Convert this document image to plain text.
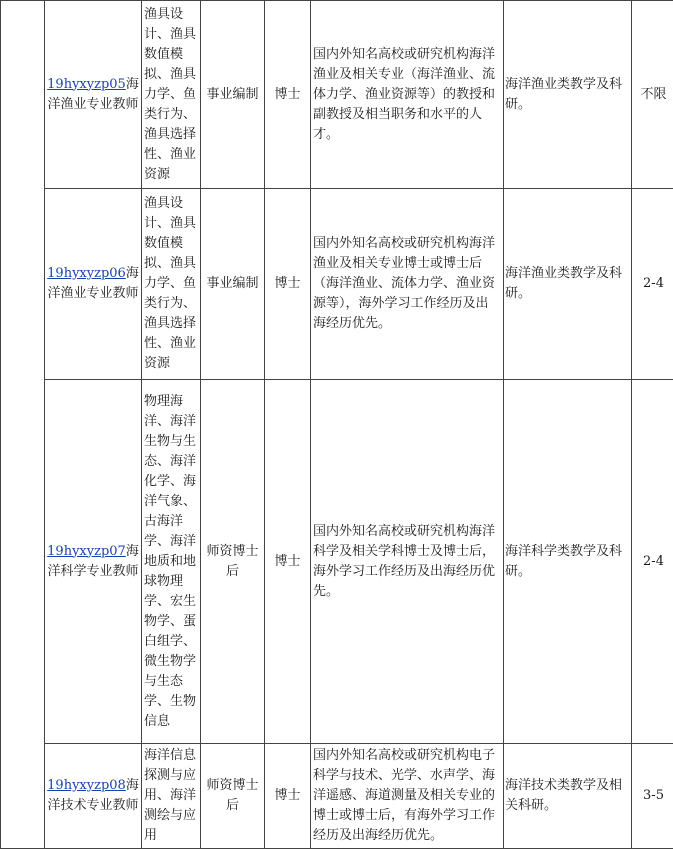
	19hyxyzp05海洋渔业专业教师	渔具设计、渔具数值模拟、渔具力学、鱼类行为、渔具选择性、渔业资源	事业编制	博士	国内外知名高校或研究机构海洋渔业及相关专业（海洋渔业、流体力学、渔业资源等）的教授和副教授及相当职务和水平的人才。	海洋渔业类教学及科研。	不限
	19hyxyzp06海洋渔业专业教师	渔具设计、渔具数值模拟、渔具力学、鱼类行为、渔具选择性、渔业资源	事业编制	博士	国内外知名高校或研究机构海洋渔业及相关专业博士或博士后（海洋渔业、流体力学、渔业资源等），海外学习工作经历及出海经历优先。	海洋渔业类教学及科研。	2-4
	19hyxyzp07海洋科学专业教师	物理海洋、海洋生物与生态、海洋化学、海洋气象、古海洋学、海洋地质和地球物理学、宏生物学、蛋白组学、微生物学与生态学、生物信息	师资博士后	博士	国内外知名高校或研究机构海洋科学及相关学科博士及博士后，海外学习工作经历及出海经历优先。	海洋科学类教学及科研。	2-4
	19hyxyzp08海洋技术专业教师	海洋信息探测与应用、海洋测绘与应用	师资博士后	博士	国内外知名高校或研究机构电子科学与技术、光学、水声学、海洋遥感、海道测量及相关专业的博士或博士后，有海外学习工作经历及出海经历优先。	海洋技术类教学及相关科研。	3-5
